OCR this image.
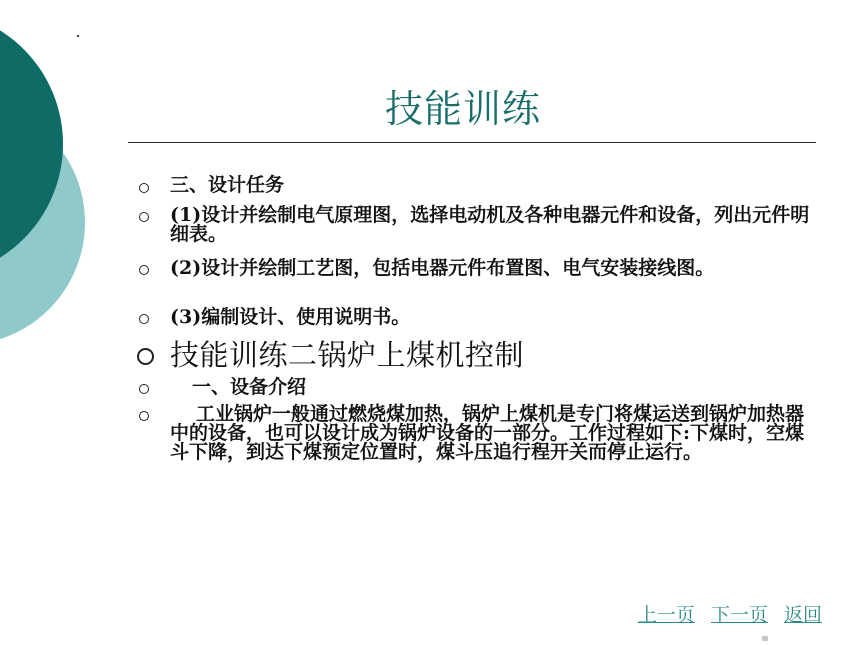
技能训练
三、设计任务
(1)设计并绘制电气原理图，选择电动机及各种电器元件和设备，列出元件明细表。
(2)设计并绘制工艺图，包括电器元件布置图、电气安装接线图。
(3)编制设计、使用说明书。
技能训练二锅炉上煤机控制
一、设备介绍
工业锅炉一般通过燃烧煤加热，锅炉上煤机是专门将煤运送到锅炉加热器中的设备，也可以设计成为锅炉设备的一部分。工作过程如下:下煤时，空煤斗下降，到达下煤预定位置时，煤斗压追行程开关而停止运行。
上一页 下一页 返回
